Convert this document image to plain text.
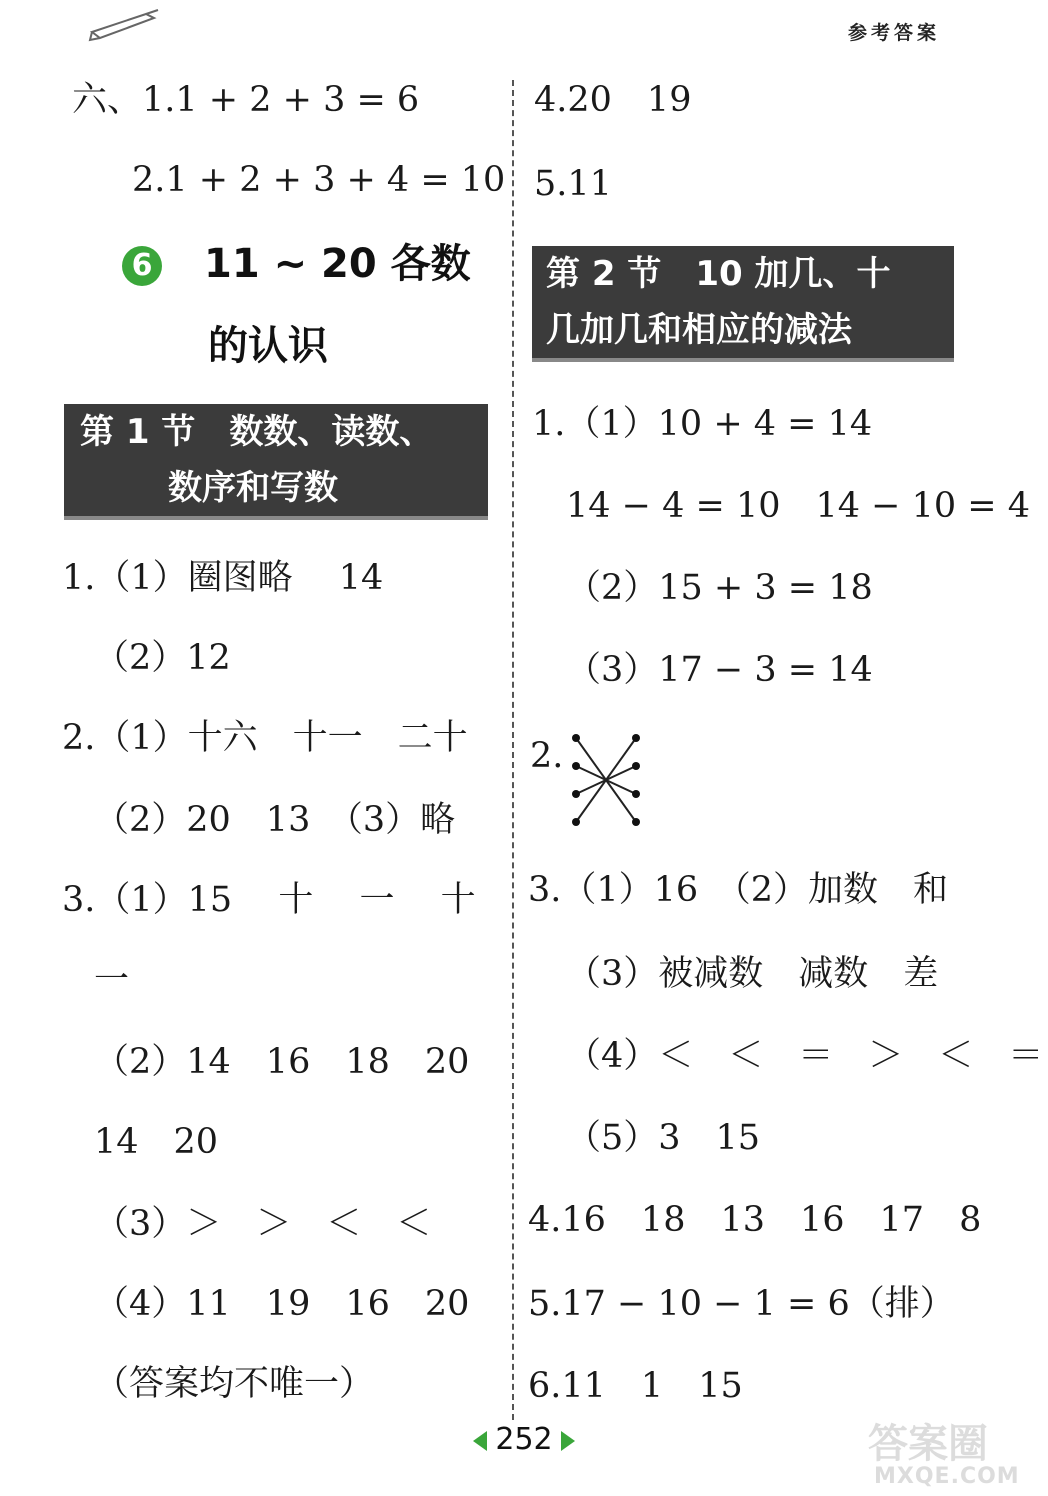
参考答案
六、1.1 + 2 + 3 = 6
2.1 + 2 + 3 + 4 = 10
6 11 ~ 20 各数
的认识
第 1 节　数数、读数、
数序和写数
1.（1）圈图略　 14
（2）12
2.（1）十六　十一　二十
（2）20　13　（3）略
3.（1）15　 十　 一　 十
一
（2）14　16　18　20
14　20
（3）＞　＞　＜　＜
（4）11　19　16　20
（答案均不唯一）
4.20　19
5.11
第 2 节　10 加几、十
几加几和相应的减法
1.（1）10 + 4 = 14
14 − 4 = 10　14 − 10 = 4
（2）15 + 3 = 18
（3）17 − 3 = 14
2.
3.（1）16　（2）加数　和
（3）被减数　减数　差
（4）＜　＜　＝　＞　＜　＝
（5）3　15
4.16　18　13　16　17　8
5.17 − 10 − 1 = 6（排）
6.11　1　15
252	答案圈
MXQE.COM
